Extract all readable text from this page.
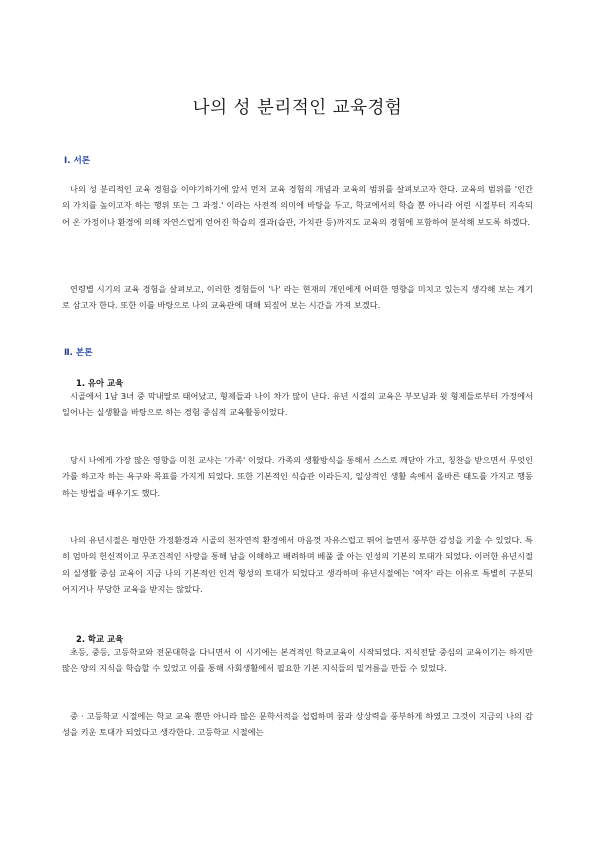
나의 성 분리적인 교육경험
Ⅰ. 서론
나의 성 분리적인 교육 경험을 이야기하기에 앞서 먼저 교육 경험의 개념과 교육의 범위를 살펴보고자 한다. 교육의 범위를 '인간의 가치를 높이고자 하는 행위 또는 그 과정.' 이라는 사전적 의미에 바탕을 두고, 학교에서의 학습 뿐 아니라 어린 시절부터 지속되어 온 가정이나 환경에 의해 자연스럽게 얻어진 학습의 결과(습관, 가치관 등)까지도 교육의 경험에 포함하여 분석해 보도록 하겠다.
연령별 시기의 교육 경험을 살펴보고, 이러한 경험들이 '나' 라는 현재의 개인에게 어떠한 영향을 미치고 있는지 생각해 보는 계기로 삼고자 한다. 또한 이를 바탕으로 나의 교육관에 대해 되짚어 보는 시간을 가져 보겠다.
Ⅱ. 본론
1. 유아 교육
시골에서 1남 3녀 중 막내딸로 태어났고, 형제들과 나이 차가 많이 난다. 유년 시절의 교육은 부모님과 윗 형제들로부터 가정에서 일어나는 실생활을 바탕으로 하는 경험 중심적 교육활동이었다.
당시 나에게 가장 많은 영향을 미친 교사는 '가족' 이었다. 가족의 생활방식을 통해서 스스로 깨닫아 가고, 칭찬을 받으면서 무엇인가를 하고자 하는 욕구와 목표를 가지게 되었다. 또한 기본적인 식습관 이라든지, 일상적인 생활 속에서 올바른 태도를 가지고 행동하는 방법을 배우기도 했다.
나의 유년시절은 평만한 가정환경과 시골의 천자연적 환경에서 마음껏 자유스럽고 뛰어 놀면서 풍부한 감성을 키울 수 있었다. 특히 엄마의 헌신적이고 무조건적인 사랑을 통해 남을 이해하고 배려하며 베풀 줄 아는 인성의 기본의 토대가 되었다. 이러한 유년시절의 실생활 중심 교육이 지금 나의 기본적인 인격 형성의 토대가 되었다고 생각하며 유년시절에는 '여자' 라는 이유로 특별히 구분되어지거나 부당한 교육을 받지는 않았다.
2. 학교 교육
초등, 중등, 고등학교와 전문대학을 다니면서 이 시기에는 본격적인 학교교육이 시작되었다. 지식전달 중심의 교육이기는 하지만 많은 양의 지식을 학습할 수 있었고 이를 통해 사회생활에서 필요한 기본 지식들의 밑거름을 만들 수 있었다.
중 · 고등학교 시절에는 학교 교육 뿐만 아니라 많은 문학서적을 섭렵하며 꿈과 상상력을 풍부하게 하였고 그것이 지금의 나의 감성을 키운 토대가 되었다고 생각한다. 고등학교 시절에는
